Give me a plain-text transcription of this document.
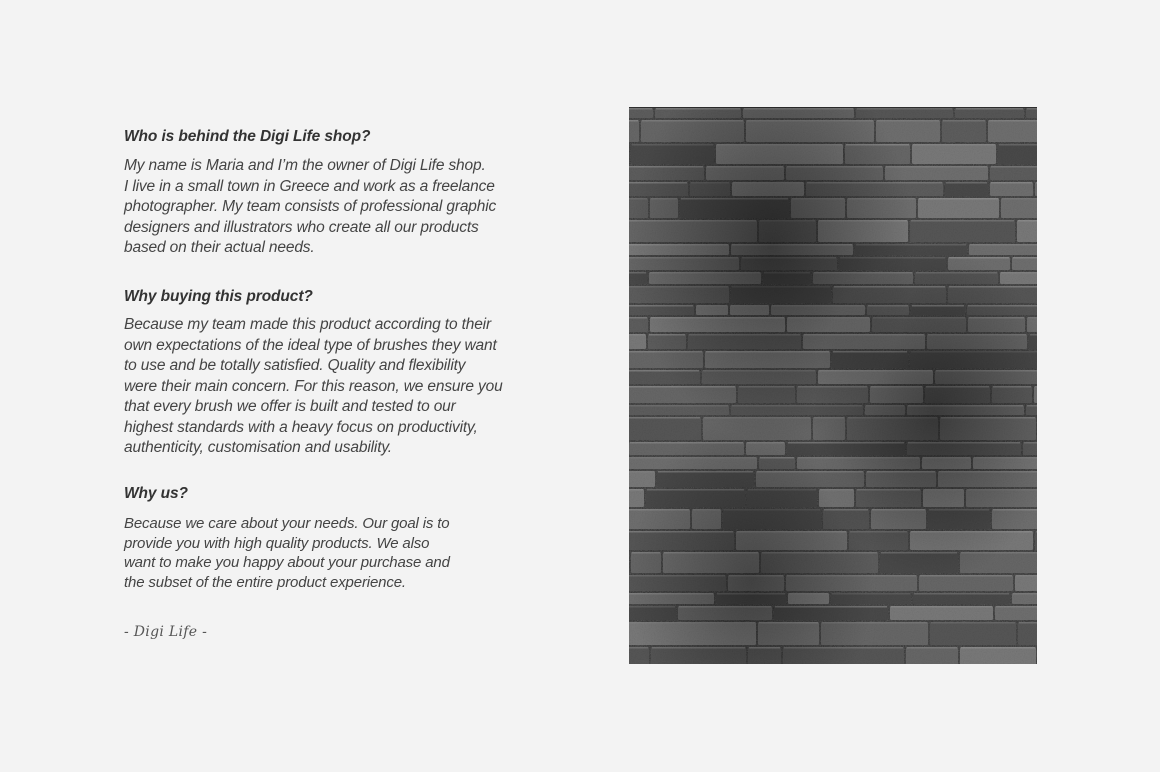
Who is behind the Digi Life shop?

My name is Maria and I’m the owner of Digi Life shop.
I live in a small town in Greece and work as a freelance
photographer. My team consists of professional graphic
designers and illustrators who create all our products
based on their actual needs.

Why buying this product?

Because my team made this product according to their
own expectations of the ideal type of brushes they want
to use and be totally satisfied. Quality and flexibility
were their main concern. For this reason, we ensure you
that every brush we offer is built and tested to our
highest standards with a heavy focus on productivity,
authenticity, customisation and usability.

Why us?

Because we care about your needs. Our goal is to
provide you with high quality products. We also
want to make you happy about your purchase and
the subset of the entire product experience.

- Digi Life -
